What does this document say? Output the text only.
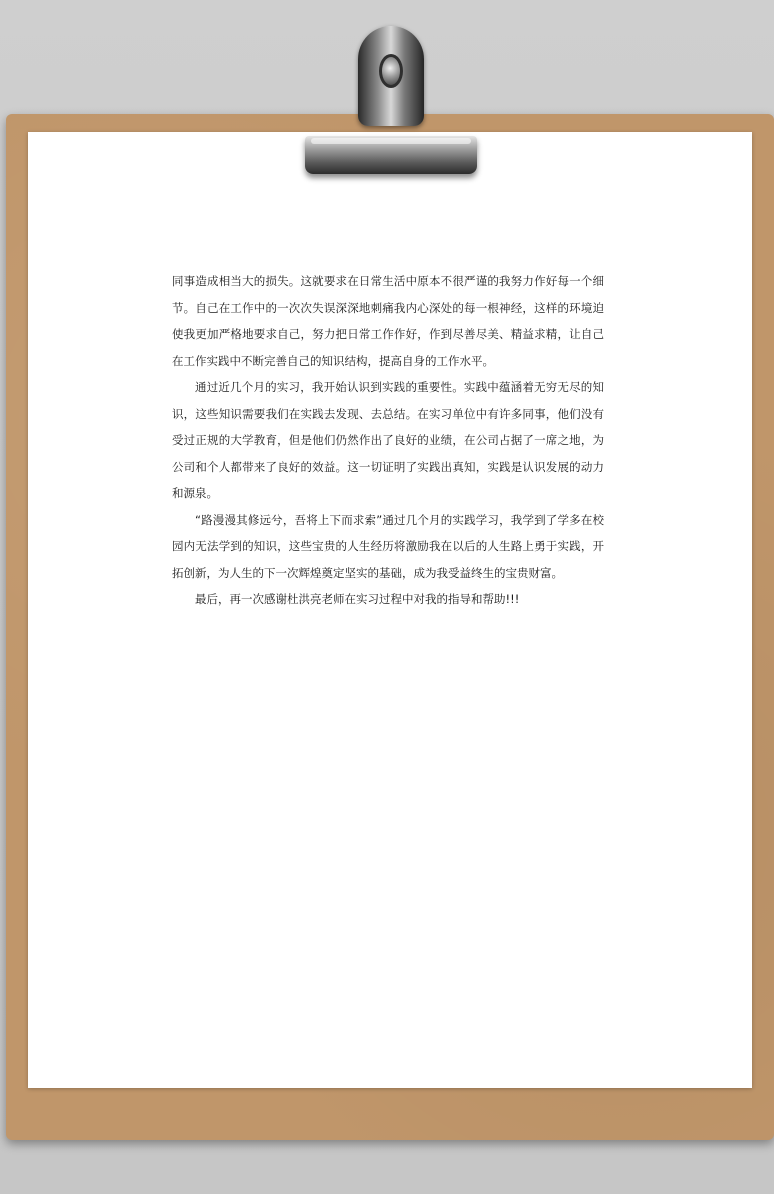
同事造成相当大的损失。这就要求在日常生活中原本不很严谨的我努力作好每一个细节。自己在工作中的一次次失误深深地刺痛我内心深处的每一根神经，这样的环境迫使我更加严格地要求自己，努力把日常工作作好，作到尽善尽美、精益求精，让自己在工作实践中不断完善自己的知识结构，提高自身的工作水平。

通过近几个月的实习，我开始认识到实践的重要性。实践中蕴涵着无穷无尽的知识，这些知识需要我们在实践去发现、去总结。在实习单位中有许多同事，他们没有受过正规的大学教育，但是他们仍然作出了良好的业绩，在公司占据了一席之地，为公司和个人都带来了良好的效益。这一切证明了实践出真知，实践是认识发展的动力和源泉。

“路漫漫其修远兮，吾将上下而求索”通过几个月的实践学习，我学到了学多在校园内无法学到的知识，这些宝贵的人生经历将激励我在以后的人生路上勇于实践，开拓创新，为人生的下一次辉煌奠定坚实的基础，成为我受益终生的宝贵财富。

最后，再一次感谢杜洪亮老师在实习过程中对我的指导和帮助!!!
